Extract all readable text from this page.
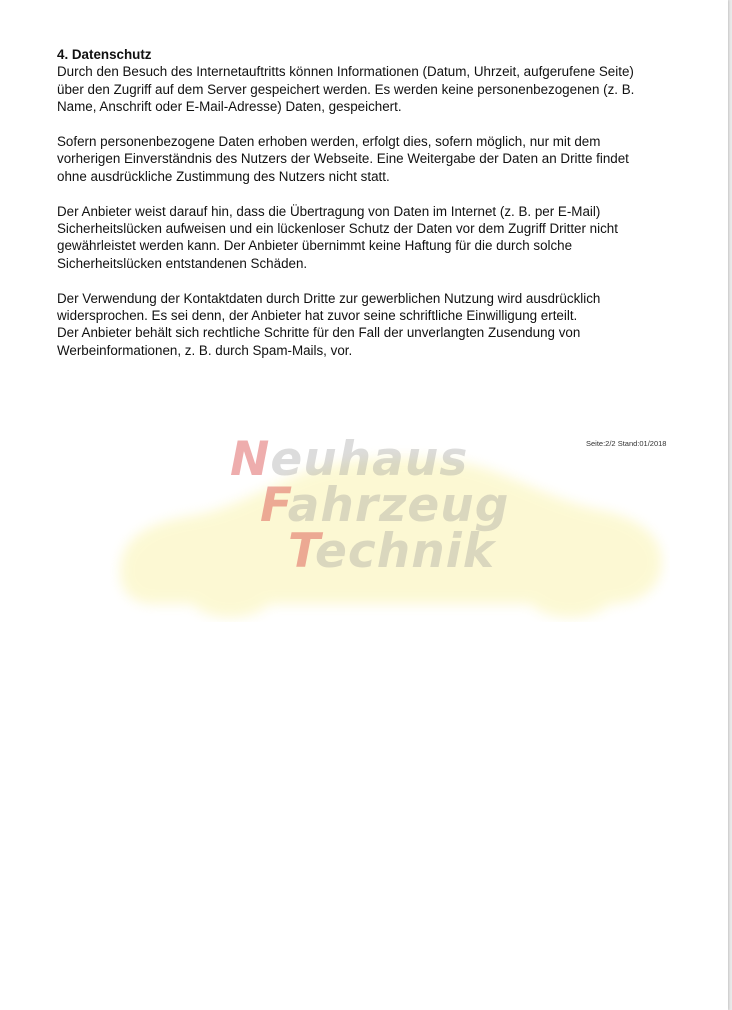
4. Datenschutz

Durch den Besuch des Internetauftritts können Informationen (Datum, Uhrzeit, aufgerufene Seite)
über den Zugriff auf dem Server gespeichert werden. Es werden keine personenbezogenen (z. B.
Name, Anschrift oder E-Mail-Adresse) Daten, gespeichert.

Sofern personenbezogene Daten erhoben werden, erfolgt dies, sofern möglich, nur mit dem
vorherigen Einverständnis des Nutzers der Webseite. Eine Weitergabe der Daten an Dritte findet
ohne ausdrückliche Zustimmung des Nutzers nicht statt.

Der Anbieter weist darauf hin, dass die Übertragung von Daten im Internet (z. B. per E-Mail)
Sicherheitslücken aufweisen und ein lückenloser Schutz der Daten vor dem Zugriff Dritter nicht
gewährleistet werden kann. Der Anbieter übernimmt keine Haftung für die durch solche
Sicherheitslücken entstandenen Schäden.

Der Verwendung der Kontaktdaten durch Dritte zur gewerblichen Nutzung wird ausdrücklich
widersprochen. Es sei denn, der Anbieter hat zuvor seine schriftliche Einwilligung erteilt.
Der Anbieter behält sich rechtliche Schritte für den Fall der unverlangten Zusendung von
Werbeinformationen, z. B. durch Spam-Mails, vor.

Neuhaus
Fahrzeug
Technik
Seite:2/2 Stand:01/2018
